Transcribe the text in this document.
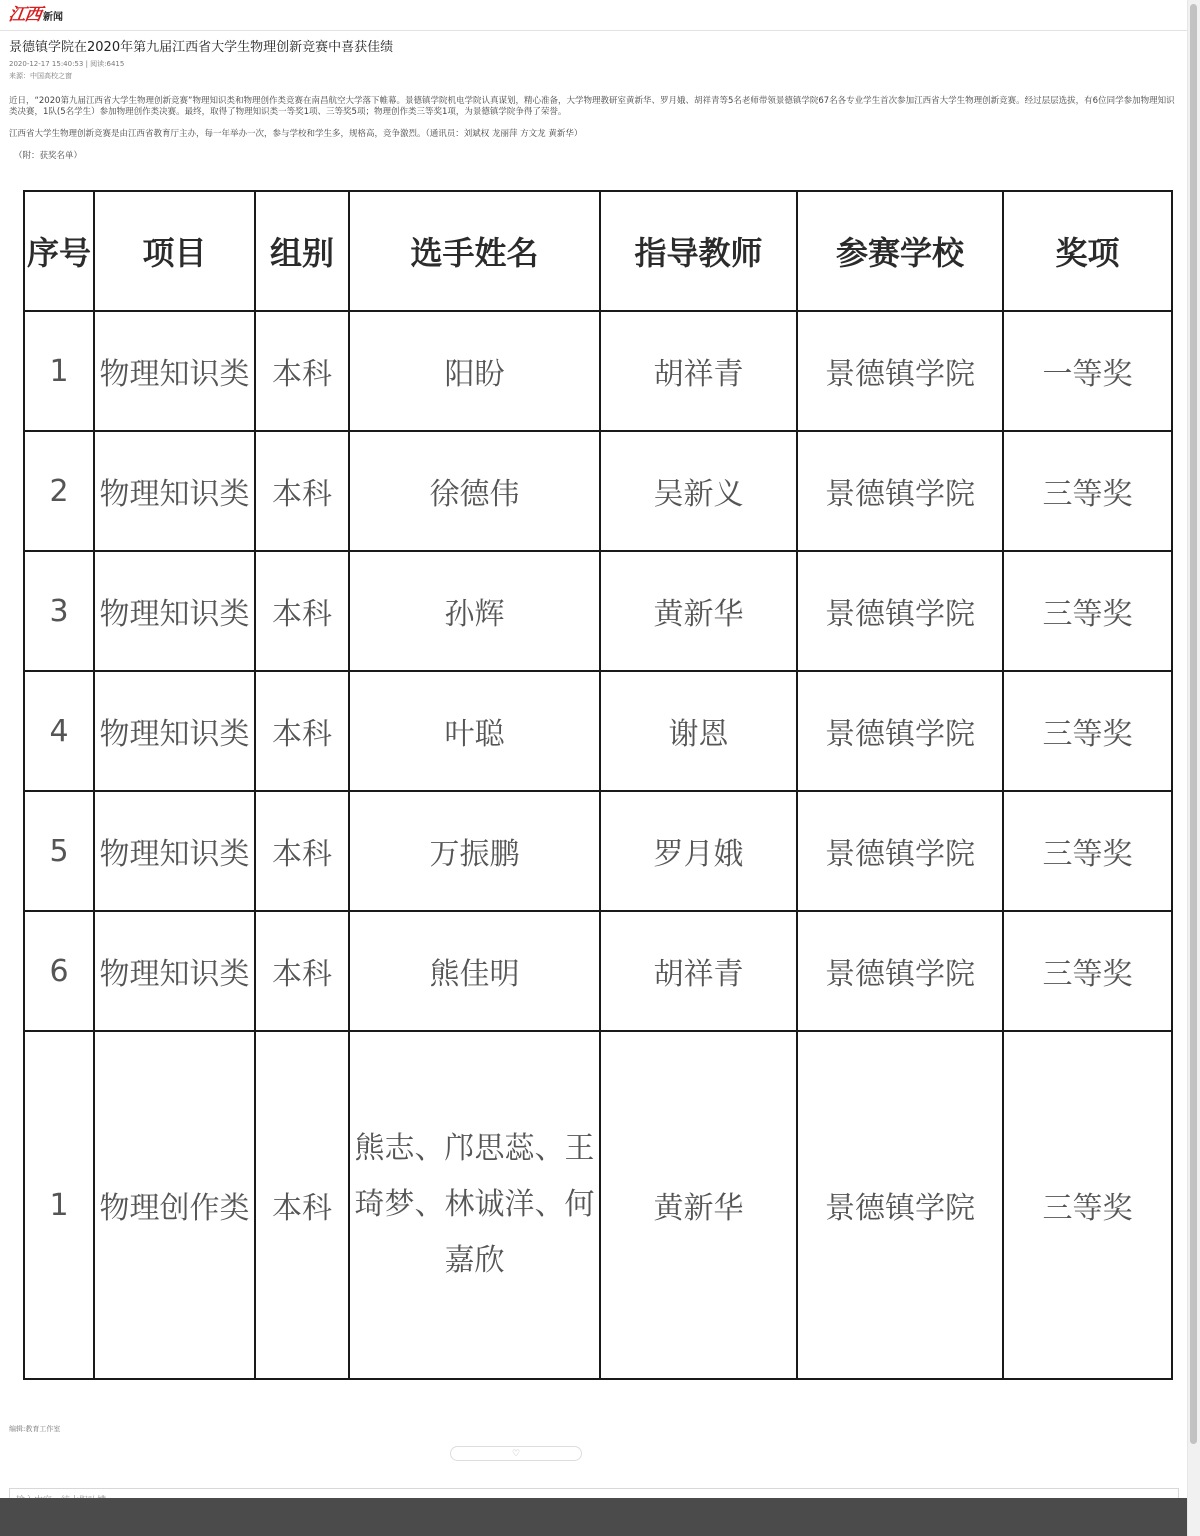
江西 新闻
景德镇学院在2020年第九届江西省大学生物理创新竞赛中喜获佳绩
2020-12-17 15:40:53 | 阅读:6415
来源：中国高校之窗
近日，“2020第九届江西省大学生物理创新竞赛”物理知识类和物理创作类竞赛在南昌航空大学落下帷幕。景德镇学院机电学院认真谋划，精心准备，大学物理教研室黄新华、罗月娥、胡祥青等5名老师带领景德镇学院67名各专业学生首次参加江西省大学生物理创新竞赛。经过层层选拔，有6位同学参加物理知识类决赛，1队(5名学生）参加物理创作类决赛。最终，取得了物理知识类一等奖1项、三等奖5项；物理创作类三等奖1项，为景德镇学院争得了荣誉。
江西省大学生物理创新竞赛是由江西省教育厅主办，每一年举办一次，参与学校和学生多，规格高，竞争激烈。（通讯员：刘斌权 龙丽萍 方文龙 黄新华）
（附：获奖名单）
序号	项目	组别	选手姓名	指导教师	参赛学校	奖项
1	物理知识类	本科	阳盼	胡祥青	景德镇学院	一等奖
2	物理知识类	本科	徐德伟	吴新义	景德镇学院	三等奖
3	物理知识类	本科	孙辉	黄新华	景德镇学院	三等奖
4	物理知识类	本科	叶聪	谢恩	景德镇学院	三等奖
5	物理知识类	本科	万振鹏	罗月娥	景德镇学院	三等奖
6	物理知识类	本科	熊佳明	胡祥青	景德镇学院	三等奖
1	物理创作类	本科	熊志、邝思蕊、王琦梦、林诚洋、何嘉欣	黄新华	景德镇学院	三等奖
编辑:教育工作室
♡
